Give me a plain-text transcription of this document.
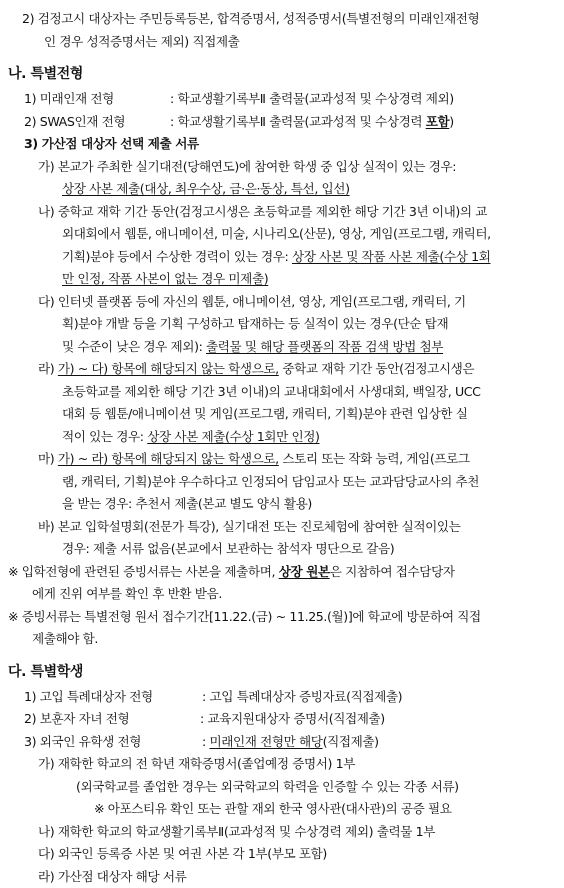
2) 검정고시 대상자는 주민등록등본, 합격증명서, 성적증명서(특별전형의 미래인재전형
인 경우 성적증명서는 제외) 직접제출
나. 특별전형
1) 미래인재 전형	: 학교생활기록부Ⅱ 출력물(교과성적 및 수상경력 제외)
2) SWAS인재 전형	: 학교생활기록부Ⅱ 출력물(교과성적 및 수상경력 포함)
3) 가산점 대상자 선택 제출 서류
가) 본교가 주최한 실기대전(당해연도)에 참여한 학생 중 입상 실적이 있는 경우:
상장 사본 제출(대상, 최우수상, 금·은·동상, 특선, 입선)
나) 중학교 재학 기간 동안(검정고시생은 초등학교를 제외한 해당 기간 3년 이내)의 교
외대회에서 웹툰, 애니메이션, 미술, 시나리오(산문), 영상, 게임(프로그램, 캐릭터,
기획)분야 등에서 수상한 경력이 있는 경우: 상장 사본 및 작품 사본 제출(수상 1회
만 인정, 작품 사본이 없는 경우 미제출)
다) 인터넷 플랫폼 등에 자신의 웹툰, 애니메이션, 영상, 게임(프로그램, 캐릭터, 기
획)분야 개발 등을 기획 구성하고 탑재하는 등 실적이 있는 경우(단순 탑재
및 수준이 낮은 경우 제외): 출력물 및 해당 플랫폼의 작품 검색 방법 첨부
라) 가) ~ 다) 항목에 해당되지 않는 학생으로, 중학교 재학 기간 동안(검정고시생은
초등학교를 제외한 해당 기간 3년 이내)의 교내대회에서 사생대회, 백일장, UCC
대회 등 웹툰/애니메이션 및 게임(프로그램, 캐릭터, 기획)분야 관련 입상한 실
적이 있는 경우: 상장 사본 제출(수상 1회만 인정)
마) 가) ~ 라) 항목에 해당되지 않는 학생으로, 스토리 또는 작화 능력, 게임(프로그
램, 캐릭터, 기획)분야 우수하다고 인정되어 담임교사 또는 교과담당교사의 추천
을 받는 경우: 추천서 제출(본교 별도 양식 활용)
바) 본교 입학설명회(전문가 특강), 실기대전 또는 진로체험에 참여한 실적이있는
경우: 제출 서류 없음(본교에서 보관하는 참석자 명단으로 갈음)
※ 입학전형에 관련된 증빙서류는 사본을 제출하며, 상장 원본은 지참하여 접수담당자
에게 진위 여부를 확인 후 반환 받음.
※ 증빙서류는 특별전형 원서 접수기간[11.22.(금) ~ 11.25.(월)]에 학교에 방문하여 직접
제출해야 함.
다. 특별학생
1) 고입 특례대상자 전형	: 고입 특례대상자 증빙자료(직접제출)
2) 보훈자 자녀 전형	: 교육지원대상자 증명서(직접제출)
3) 외국인 유학생 전형	: 미래인재 전형만 해당(직접제출)
가) 재학한 학교의 전 학년 재학증명서(졸업예정 증명서) 1부
(외국학교를 졸업한 경우는 외국학교의 학력을 인증할 수 있는 각종 서류)
※ 아포스티유 확인 또는 관할 재외 한국 영사관(대사관)의 공증 필요
나) 재학한 학교의 학교생활기록부Ⅱ(교과성적 및 수상경력 제외) 출력물 1부
다) 외국인 등록증 사본 및 여권 사본 각 1부(부모 포함)
라) 가산점 대상자 해당 서류
